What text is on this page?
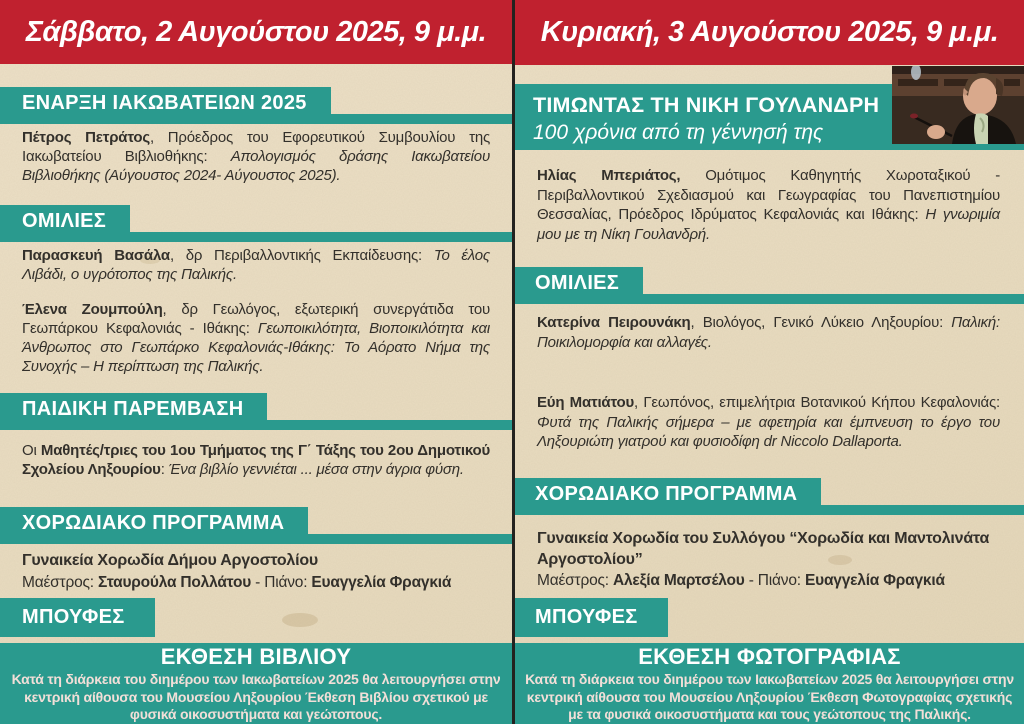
Σάββατο, 2 Αυγούστου 2025, 9 μ.μ.
ΕΝΑΡΞΗ ΙΑΚΩΒΑΤΕΙΩΝ 2025

Πέτρος Πετράτος, Πρόεδρος του Εφορευτικού Συμβουλίου της Ιακωβατείου Βιβλιοθήκης: Απολογισμός δράσης Ιακωβατείου Βιβλιοθήκης (Αύγουστος 2024- Αύγουστος 2025).

ΟΜΙΛΙΕΣ

Παρασκευή Βασάλα, δρ Περιβαλλοντικής Εκπαίδευσης: Το έλος Λιβάδι, ο υγρότοπος της Παλικής.

Έλενα Ζουμπούλη, δρ Γεωλόγος, εξωτερική συνεργάτιδα του Γεωπάρκου Κεφαλονιάς - Ιθάκης: Γεωποικιλότητα, Βιοποικιλότητα και Άνθρωπος στο Γεωπάρκο Κεφαλονιάς-Ιθάκης: Το Αόρατο Νήμα της Συνοχής – Η περίπτωση της Παλικής.

ΠΑΙΔΙΚΗ ΠΑΡΕΜΒΑΣΗ

Οι Μαθητές/τριες του 1ου Τμήματος της Γ΄ Τάξης του 2ου Δημοτικού Σχολείου Ληξουρίου: Ένα βιβλίο γεννιέται ... μέσα στην άγρια φύση.

ΧΟΡΩΔΙΑΚΟ ΠΡΟΓΡΑΜΜΑ

Γυναικεία Χορωδία Δήμου Αργοστολίου
Μαέστρος: Σταυρούλα Πολλάτου - Πιάνο: Ευαγγελία Φραγκιά

ΜΠΟΥΦΕΣ

ΕΚΘΕΣΗ ΒΙΒΛΙΟΥ

Κατά τη διάρκεια του διημέρου των Ιακωβατείων 2025 θα λειτουργήσει στην κεντρική αίθουσα του Μουσείου Ληξουρίου Έκθεση Βιβλίου σχετικού με φυσικά οικοσυστήματα και γεώτοπους.

Κυριακή, 3 Αυγούστου 2025, 9 μ.μ.

ΤΙΜΩΝΤΑΣ ΤΗ ΝΙΚΗ ΓΟΥΛΑΝΔΡΗ

100 χρόνια από τη γέννησή της

Ηλίας Μπεριάτος, Ομότιμος Καθηγητής Χωροταξικού - Περιβαλλοντικού Σχεδιασμού και Γεωγραφίας του Πανεπιστημίου Θεσσαλίας, Πρόεδρος Ιδρύματος Κεφαλονιάς και Ιθάκης: Η γνωριμία μου με τη Νίκη Γουλανδρή.

ΟΜΙΛΙΕΣ

Κατερίνα Πειρουνάκη, Βιολόγος, Γενικό Λύκειο Ληξουρίου: Παλική: Ποικιλομορφία και αλλαγές.

Εύη Ματιάτου, Γεωπόνος, επιμελήτρια Βοτανικού Κήπου Κεφαλονιάς: Φυτά της Παλικής σήμερα – με αφετηρία και έμπνευση το έργο του Ληξουριώτη γιατρού και φυσιοδίφη dr Niccolo Dallaporta.

ΧΟΡΩΔΙΑΚΟ ΠΡΟΓΡΑΜΜΑ

Γυναικεία Χορωδία του Συλλόγου “Χορωδία και Μαντολινάτα Αργοστολίου”
Μαέστρος: Αλεξία Μαρτσέλου - Πιάνο: Ευαγγελία Φραγκιά

ΜΠΟΥΦΕΣ

ΕΚΘΕΣΗ ΦΩΤΟΓΡΑΦΙΑΣ

Κατά τη διάρκεια του διημέρου των Ιακωβατείων 2025 θα λειτουργήσει στην κεντρική αίθουσα του Μουσείου Ληξουρίου Έκθεση Φωτογραφίας σχετικής με τα φυσικά οικοσυστήματα και τους γεώτοπους της Παλικής.
